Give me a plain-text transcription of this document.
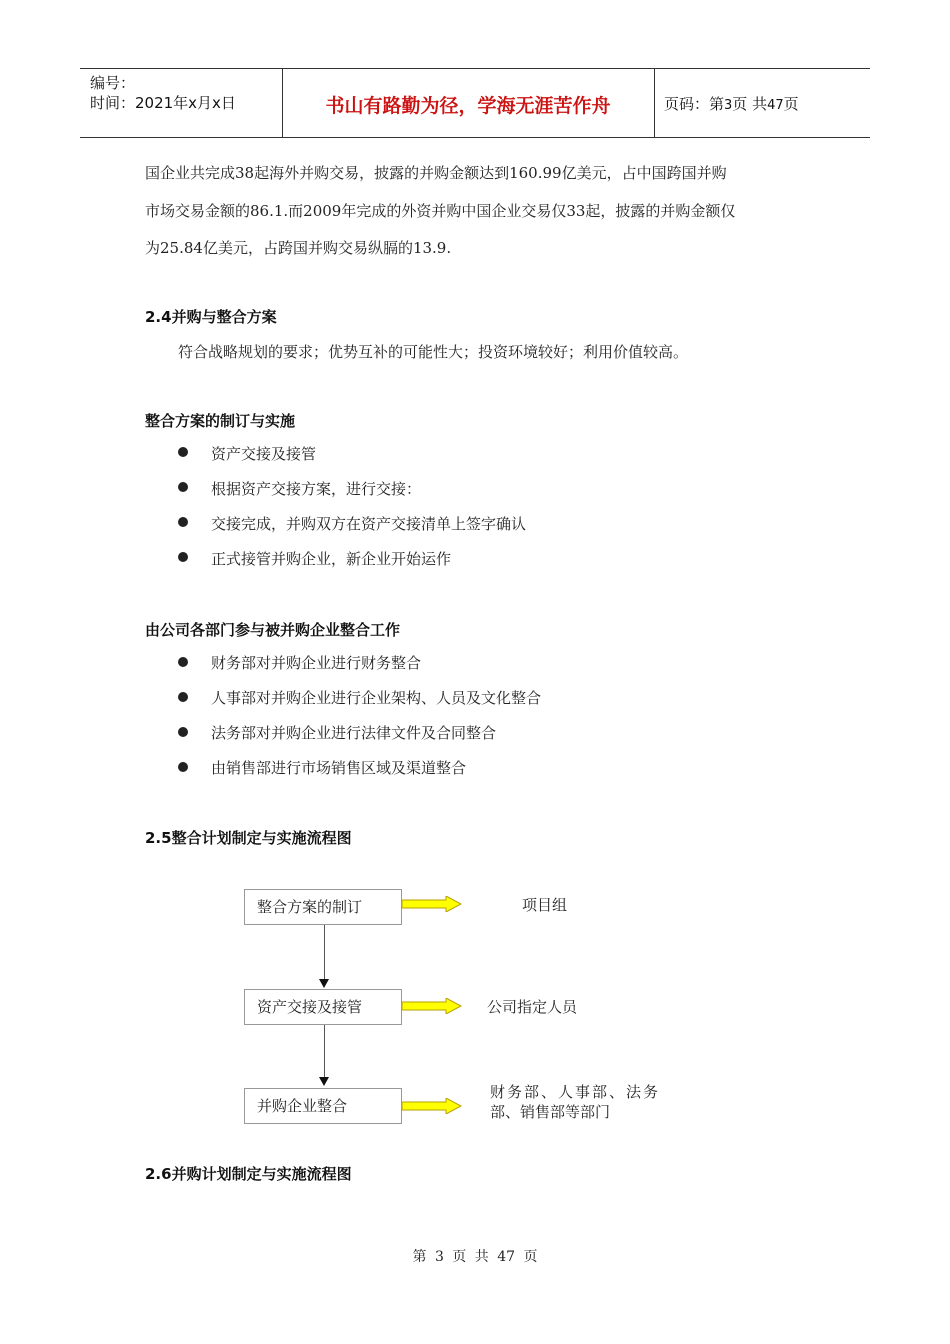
编号：
时间：2021年x月x日	书山有路勤为径，学海无涯苦作舟	页码：第3页 共47页
国企业共完成38起海外并购交易，披露的并购金额达到160.99亿美元，占中国跨国并购
市场交易金额的86.1.而2009年完成的外资并购中国企业交易仅33起，披露的并购金额仅
为25.84亿美元，占跨国并购交易纵膈的13.9.
2.4并购与整合方案
符合战略规划的要求；优势互补的可能性大；投资环境较好；利用价值较高。
整合方案的制订与实施
资产交接及接管
根据资产交接方案，进行交接：
交接完成，并购双方在资产交接清单上签字确认
正式接管并购企业，新企业开始运作
由公司各部门参与被并购企业整合工作
财务部对并购企业进行财务整合
人事部对并购企业进行企业架构、人员及文化整合
法务部对并购企业进行法律文件及合同整合
由销售部进行市场销售区域及渠道整合
2.5整合计划制定与实施流程图
整合方案的制订
资产交接及接管
并购企业整合
项目组
公司指定人员
财务部、人事部、法务
部、销售部等部门
2.6并购计划制定与实施流程图
第 3 页 共 47 页
